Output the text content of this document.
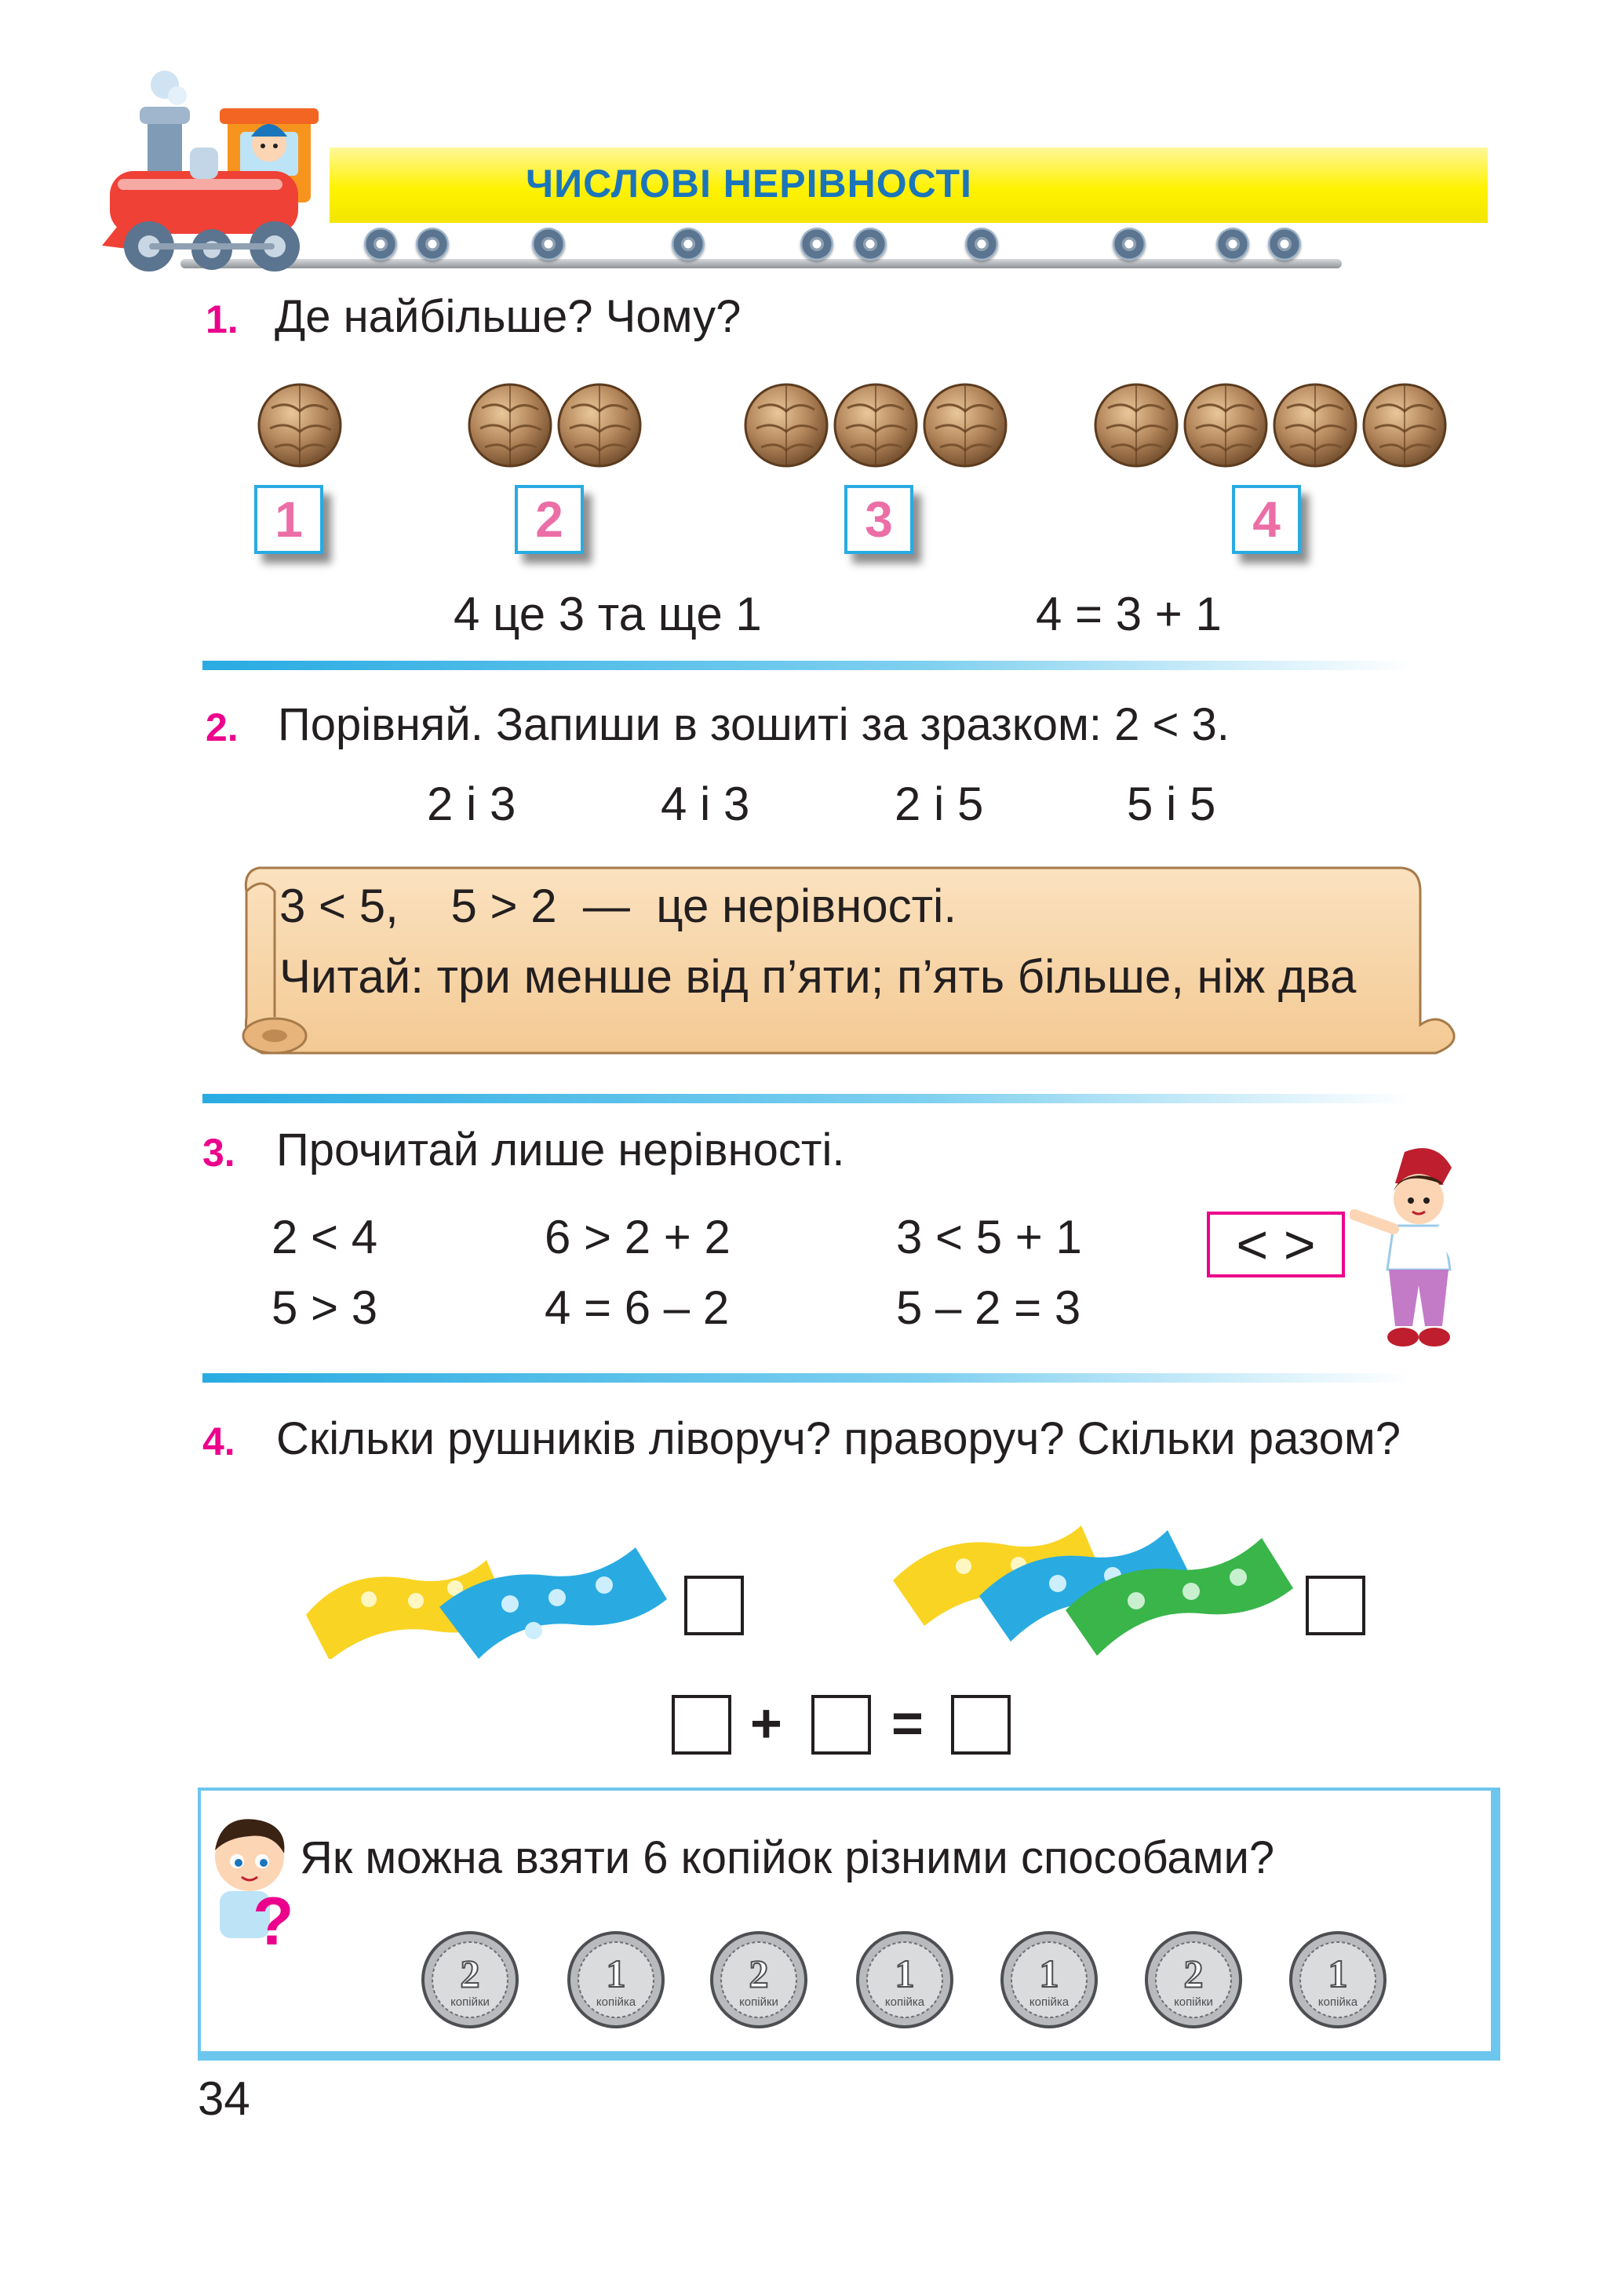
ЧИСЛОВІ НЕРІВНОСТІ
1. Де найбільше? Чому?
1	2	3	4
4 це 3 та ще 1	4 = 3 + 1
2. Порівняй. Запиши в зошиті за зразком: 2 < 3.
2 і 3	4 і 3	2 і 5	5 і 5
3 < 5,    5 > 2  —  це нерівності.
Читай: три менше від п’яти; п’ять більше, ніж два
3. Прочитай лише нерівності.
2 < 4	6 > 2 + 2	3 < 5 + 1
5 > 3	4 = 6 – 2	5 – 2 = 3
< >
4. Скільки рушників ліворуч? праворуч? Скільки разом?
+ =
?
Як можна взяти 6 копійок різними способами?
2
копійки
1
копійка
2
копійки
1
копійка
1
копійка
2
копійки
1
копійка
34
